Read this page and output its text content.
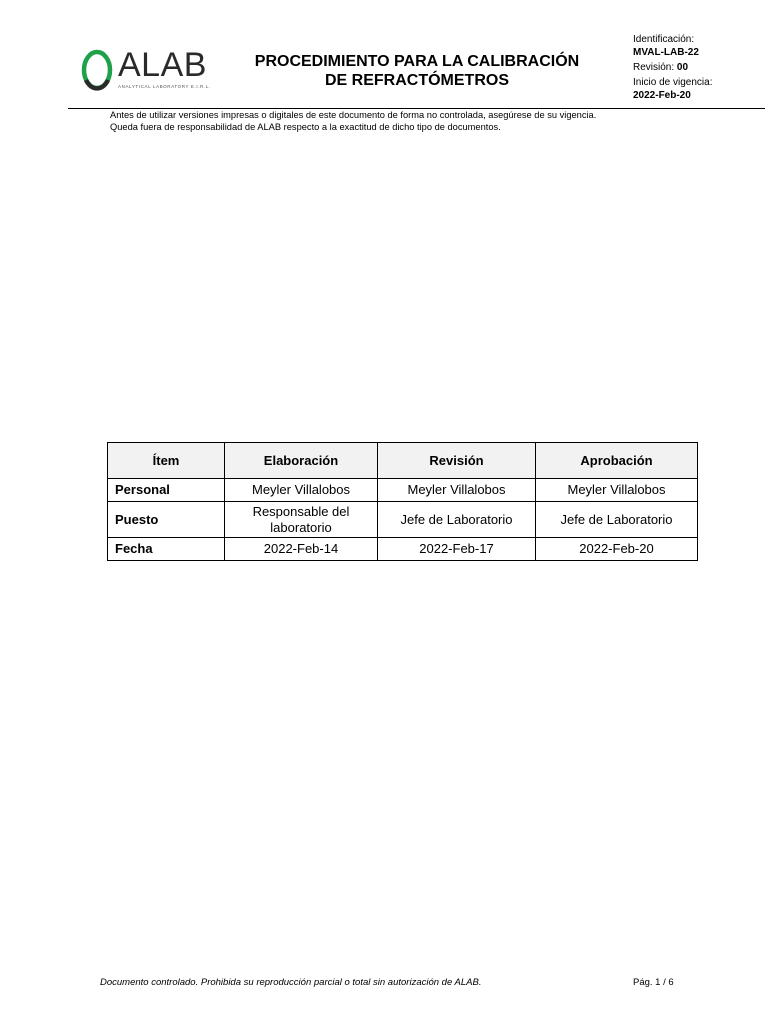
ALAB
ANALYTICAL LABORATORY E.I.R.L.
PROCEDIMIENTO PARA LA CALIBRACIÓN
DE REFRACTÓMETROS
Identificación:
MVAL-LAB-22
Revisión: 00
Inicio de vigencia:
2022-Feb-20
Antes de utilizar versiones impresas o digitales de este documento de forma no controlada, asegúrese de su vigencia.
Queda fuera de responsabilidad de ALAB respecto a la exactitud de dicho tipo de documentos.
Ítem	Elaboración	Revisión	Aprobación
Personal	Meyler Villalobos	Meyler Villalobos	Meyler Villalobos
Puesto	Responsable del laboratorio	Jefe de Laboratorio	Jefe de Laboratorio
Fecha	2022-Feb-14	2022-Feb-17	2022-Feb-20
Documento controlado. Prohibida su reproducción parcial o total sin autorización de ALAB.	Pág. 1 / 6
